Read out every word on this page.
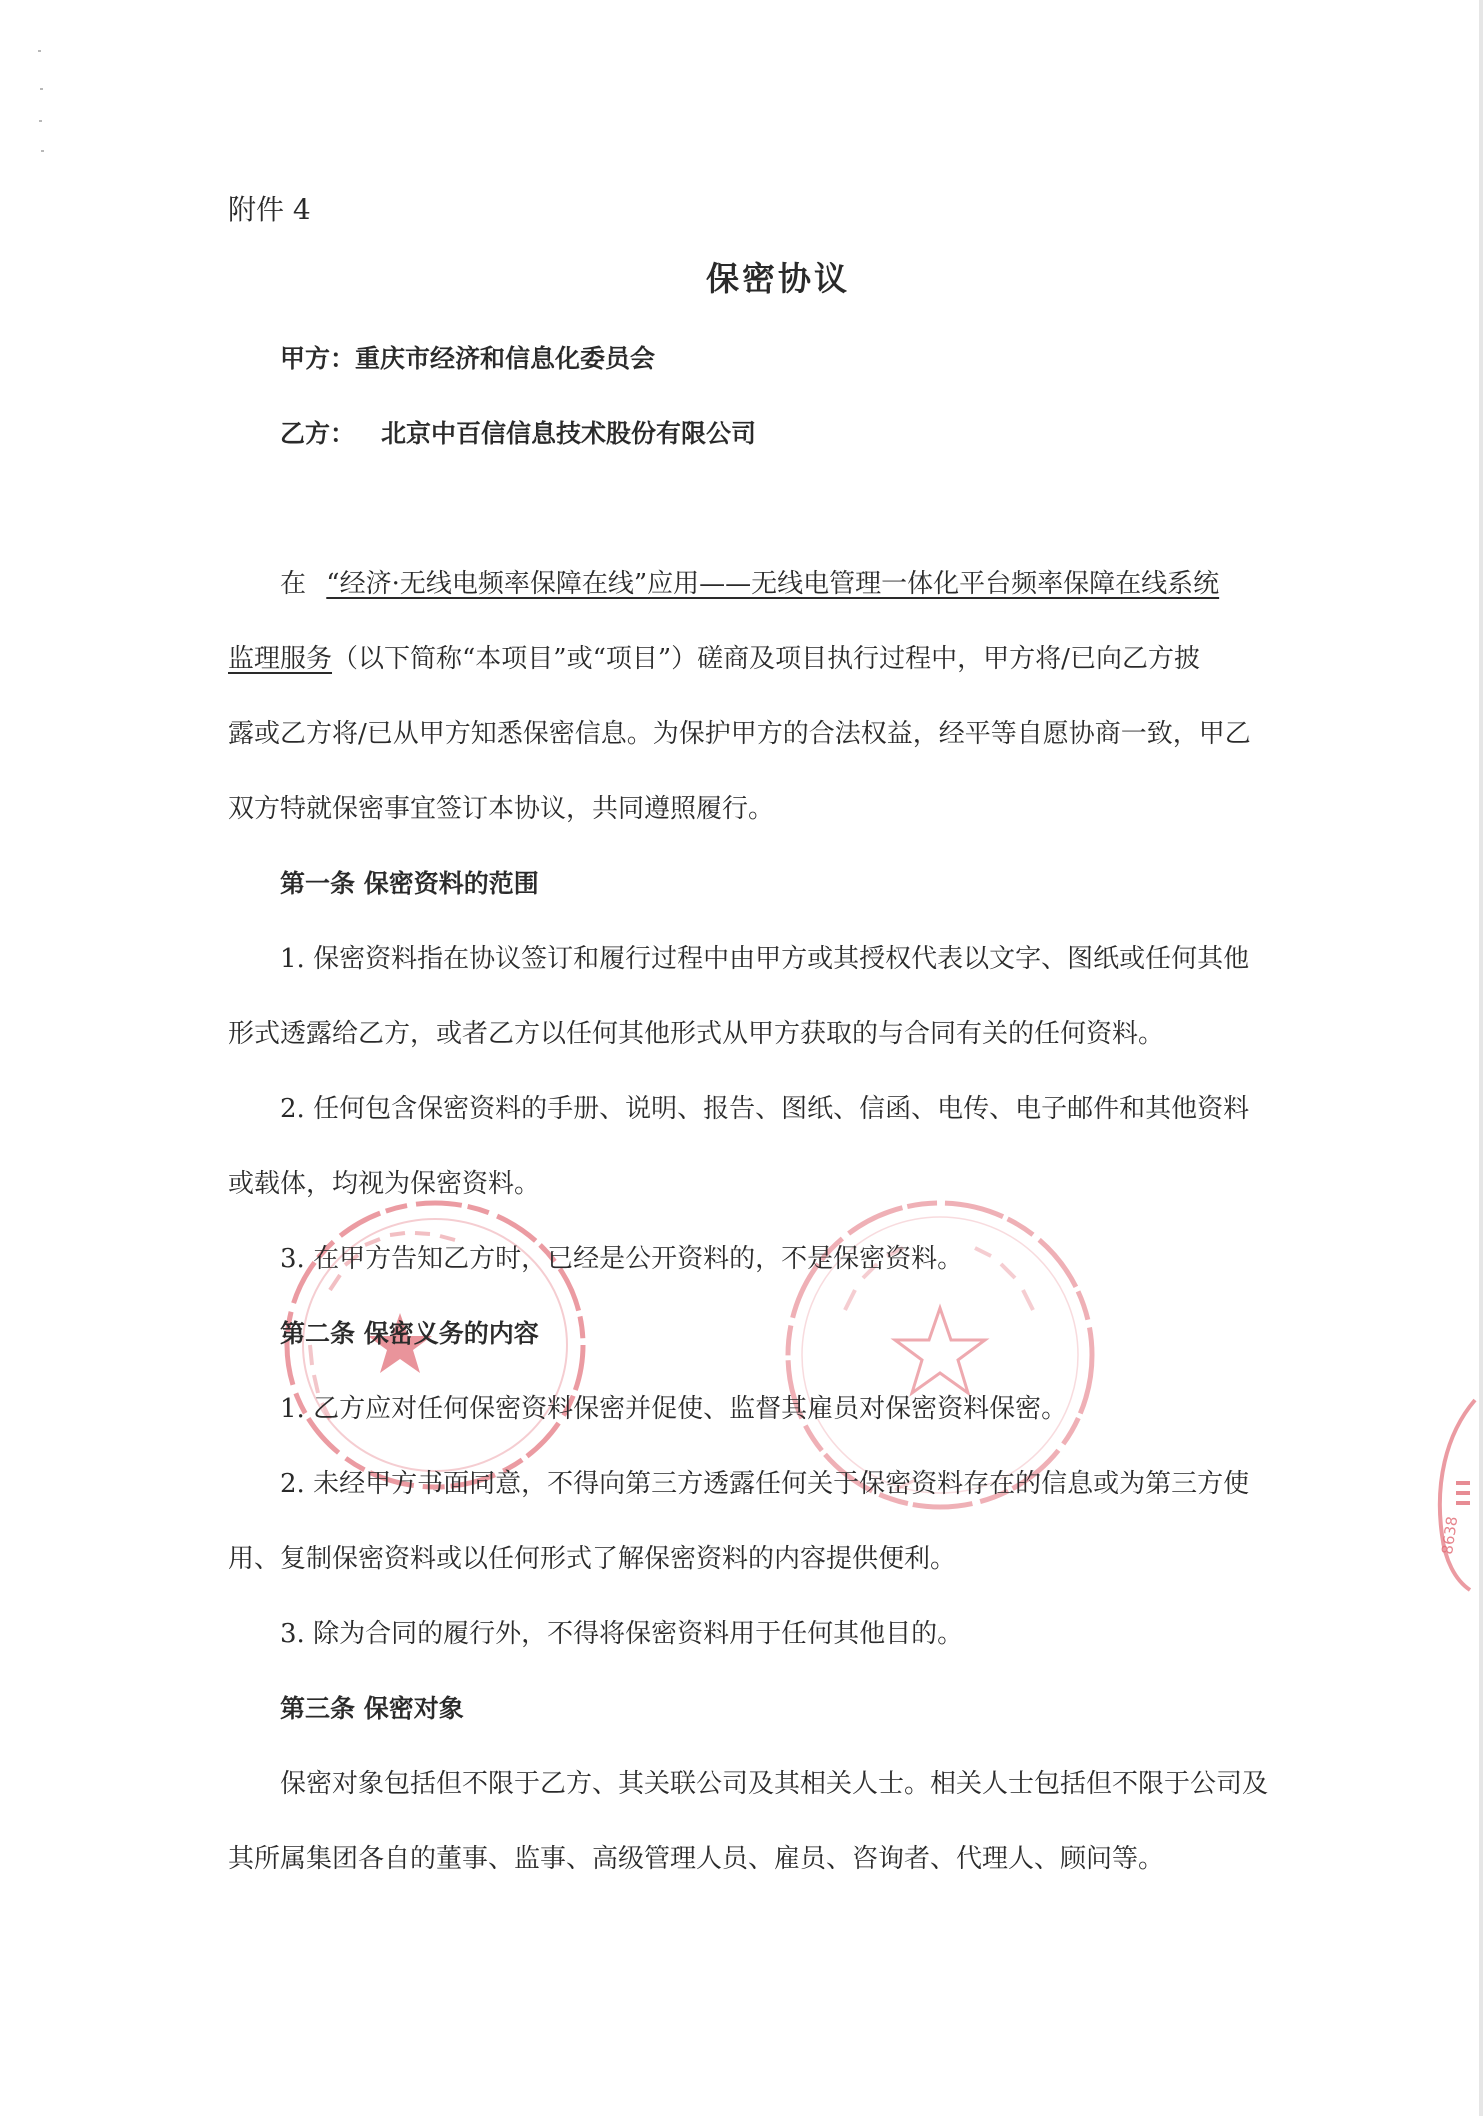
8638
附件 4
保密协议
甲方：重庆市经济和信息化委员会
乙方： 北京中百信信息技术股份有限公司
在 “经济·无线电频率保障在线”应用——无线电管理一体化平台频率保障在线系统
监理服务（以下简称“本项目”或“项目”）磋商及项目执行过程中，甲方将/已向乙方披
露或乙方将/已从甲方知悉保密信息。为保护甲方的合法权益，经平等自愿协商一致，甲乙
双方特就保密事宜签订本协议，共同遵照履行。
第一条 保密资料的范围
1. 保密资料指在协议签订和履行过程中由甲方或其授权代表以文字、图纸或任何其他
形式透露给乙方，或者乙方以任何其他形式从甲方获取的与合同有关的任何资料。
2. 任何包含保密资料的手册、说明、报告、图纸、信函、电传、电子邮件和其他资料
或载体，均视为保密资料。
3. 在甲方告知乙方时，已经是公开资料的，不是保密资料。
第二条 保密义务的内容
1. 乙方应对任何保密资料保密并促使、监督其雇员对保密资料保密。
2. 未经甲方书面同意，不得向第三方透露任何关于保密资料存在的信息或为第三方使
用、复制保密资料或以任何形式了解保密资料的内容提供便利。
3. 除为合同的履行外，不得将保密资料用于任何其他目的。
第三条 保密对象
保密对象包括但不限于乙方、其关联公司及其相关人士。相关人士包括但不限于公司及
其所属集团各自的董事、监事、高级管理人员、雇员、咨询者、代理人、顾问等。
